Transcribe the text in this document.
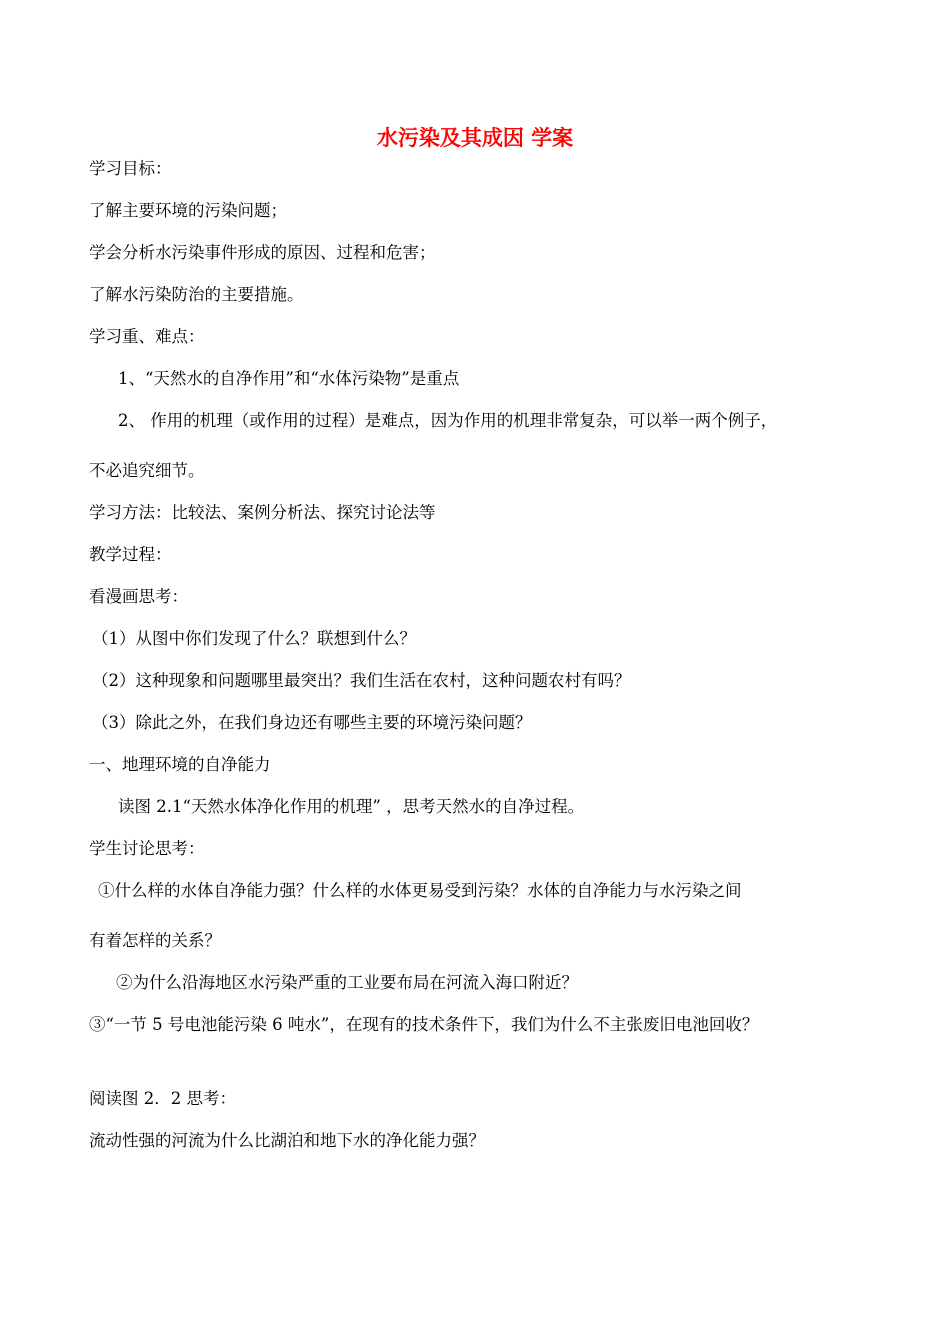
水污染及其成因 学案
学习目标：
了解主要环境的污染问题；
学会分析水污染事件形成的原因、过程和危害；
了解水污染防治的主要措施。
学习重、难点：
1、“天然水的自净作用”和“水体污染物”是重点
2、 作用的机理（或作用的过程）是难点，因为作用的机理非常复杂，可以举一两个例子，
不必追究细节。
学习方法：比较法、案例分析法、探究讨论法等
教学过程：
看漫画思考：
（1）从图中你们发现了什么？联想到什么？
（2）这种现象和问题哪里最突出？我们生活在农村，这种问题农村有吗？
（3）除此之外，在我们身边还有哪些主要的环境污染问题？
一、地理环境的自净能力
读图 2.1“天然水体净化作用的机理” ，思考天然水的自净过程。
学生讨论思考：
①什么样的水体自净能力强？什么样的水体更易受到污染？水体的自净能力与水污染之间
有着怎样的关系？
②为什么沿海地区水污染严重的工业要布局在河流入海口附近？
③“一节 5 号电池能污染 6 吨水”，在现有的技术条件下，我们为什么不主张废旧电池回收？
阅读图 2．2 思考：
流动性强的河流为什么比湖泊和地下水的净化能力强？
